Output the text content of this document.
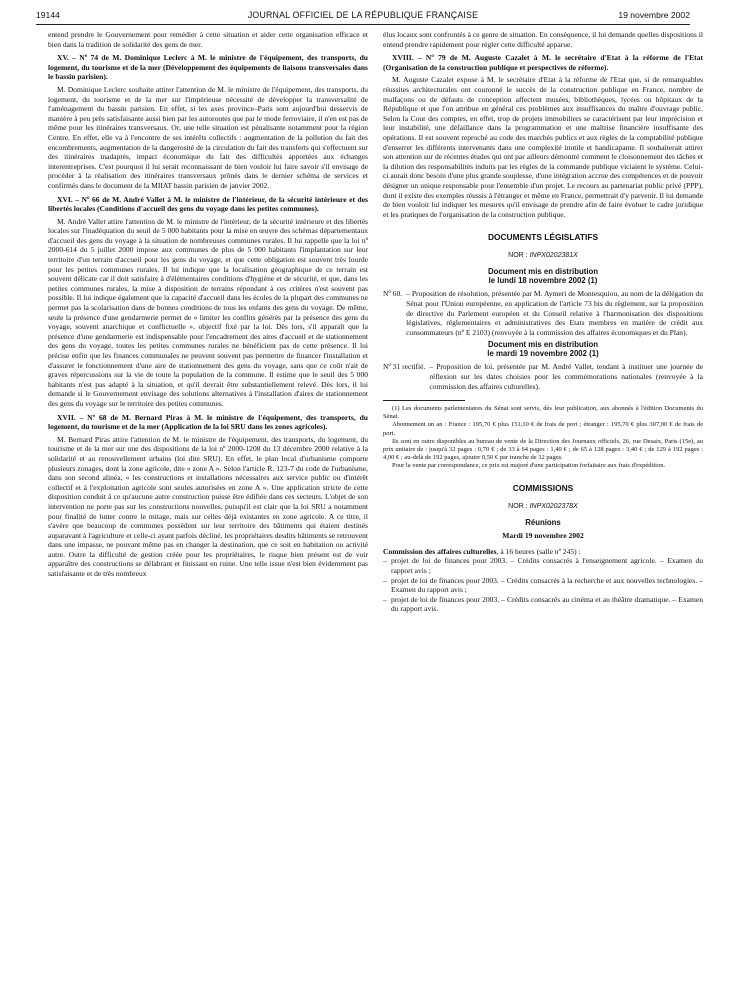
19144	JOURNAL OFFICIEL DE LA RÉPUBLIQUE FRANÇAISE	19 novembre 2002

entend prendre le Gouvernement pour remédier à cette situation et aider cette organisation efficace et bien dans la tradition de solidarité des gens de mer.

XV. – Nº 74 de M. Dominique Leclerc à M. le ministre de l'équipement, des transports, du logement, du tourisme et de la mer (Développement des équipements de liaisons transversales dans le bassin parisien).

M. Dominique Leclerc souhaite attirer l'attention de M. le ministre de l'équipement, des transports, du logement, du tourisme et de la mer sur l'impérieuse nécessité de développer la transversalité de l'aménagement du bassin parisien. En effet, si les axes province–Paris sont aujourd'hui desservis de manière à peu près satisfaisante aussi bien par les autoroutes que par le mode ferroviaire, il n'en est pas de même pour les itinéraires transversaux. Or, une telle situation est pénalisante notamment pour la région Centre. En effet, elle va à l'encontre de ses intérêts collectifs : augmentation de la pollution du fait des encombrements, augmentation de la dangerosité de la circulation du fait des transferts qui s'effectuent sur des itinéraires inadaptés, impact économique du fait des difficultés apportées aux échanges interentreprises. C'est pourquoi il lui serait reconnaissant de bien vouloir lui faire savoir s'il envisage de procéder à la réalisation des itinéraires transversaux prônés dans le dernier schéma de services et confirmés dans le document de la MIIAT bassin parisien de janvier 2002.

XVI. – Nº 66 de M. André Vallet à M. le ministre de l'intérieur, de la sécurité intérieure et des libertés locales (Conditions d'accueil des gens du voyage dans les petites communes).

M. André Vallet attire l'attention de M. le ministre de l'intérieur, de la sécurité intérieure et des libertés locales sur l'inadéquation du seuil de 5 000 habitants pour la mise en œuvre des schémas départementaux d'accueil des gens du voyage à la situation de nombreuses communes rurales. Il lui rappelle que la loi nº 2000-614 du 5 juillet 2000 impose aux communes de plus de 5 000 habitants l'implantation sur leur territoire d'un terrain d'accueil pour les gens du voyage, et que cette obligation est souvent très lourde pour les petites communes rurales. Il lui indique que la localisation géographique de ce terrain est souvent délicate car il doit satisfaire à d'élémentaires conditions d'hygiène et de sécurité, et que, dans les petites communes rurales, la mise à disposition de terrains répondant à ces critères n'est souvent pas possible. Il lui indique également que la capacité d'accueil dans les écoles de la plupart des communes ne permet pas la scolarisation dans de bonnes conditions de tous les enfants des gens du voyage. De même, seule la présence d'une gendarmerie permet de « limiter les conflits générés par la présence des gens du voyage, souvent anarchique et conflictuelle », objectif fixé par la loi. Dès lors, s'il apparaît que la présence d'une gendarmerie est indispensable pour l'encadrement des aires d'accueil et de stationnement des gens du voyage, toutes les petites communes rurales ne bénéficient pas de cette présence. Il lui précise enfin que les finances communales ne peuvent souvent pas permettre de financer l'installation et d'assurer le fonctionnement d'une aire de stationnement des gens du voyage, sans que ce coût n'ait de graves répercussions sur la vie de toute la population de la commune. Il estime que le seuil des 5 000 habitants n'est pas adapté à la situation, et qu'il devrait être substantiellement relevé. Dès lors, il lui demande si le Gouvernement envisage des solutions alternatives à l'installation d'aires de stationnement des gens du voyage sur le territoire des petites communes.

XVII. – Nº 68 de M. Bernard Piras à M. le ministre de l'équipement, des transports, du logement, du tourisme et de la mer (Application de la loi SRU dans les zones agricoles).

M. Bernard Piras attire l'attention de M. le ministre de l'équipement, des transports, du logement, du tourisme et de la mer sur une des dispositions de la loi nº 2000-1208 du 13 décembre 2000 relative à la solidarité et au renouvellement urbains (loi dite SRU). En effet, le plan local d'urbanisme comporte plusieurs zonages, dont la zone agricole, dite « zone A ». Selon l'article R. 123-7 du code de l'urbanisme, dans son second alinéa, « les constructions et installations nécessaires aux service public ou d'intérêt collectif et à l'exploitation agricole sont seules autorisées en zone A ». Une application stricte de cette disposition conduit à ce qu'aucune autre construction puisse être édifiée dans ces secteurs. L'objet de son intervention ne porte pas sur les constructions nouvelles, puisqu'il est clair que la loi SRU a notamment pour finalité de lutter contre le mitage, mais sur celles déjà existantes en zone agricole. A ce titre, il s'avère que beaucoup de communes possèdent sur leur territoire des bâtiments qui étaient destinés auparavant à l'agriculture et celle-ci ayant parfois décliné, les propriétaires desdits bâtiments se retrouvent dans une impasse, ne pouvant même pas en changer la destination, que ce soit en habitation ou activité autre. Outre la difficulté de gestion créée pour les propriétaires, le risque bien présent est de voir apparaître des constructions se délabrant et finissant en ruine. Une telle issue n'est bien évidemment pas satisfaisante et de très nombreux

élus locaux sont confrontés à ce genre de situation. En conséquence, il lui demande quelles dispositions il entend prendre rapidement pour régler cette difficulté apparue.

XVIII. – Nº 79 de M. Auguste Cazalet à M. le secrétaire d'Etat à la réforme de l'Etat (Organisation de la construction publique et perspectives de réforme).

M. Auguste Cazalet expose à M. le secrétaire d'Etat à la réforme de l'Etat que, si de remarquables réussites architecturales ont couronné le succès de la construction publique en France, nombre de malfaçons ou de défauts de conception affectent musées, bibliothèques, lycées ou hôpitaux de la République et que l'on attribue en général ces problèmes aux insuffisances du maître d'ouvrage public. Selon la Cour des comptes, en effet, trop de projets immobiliers se caractérisent par leur imprécision et leur instabilité, une défaillance dans la programmation et une maîtrise financière insuffisante des opérations. Il est souvent reproché au code des marchés publics et aux règles de la comptabilité publique d'enserrer les différents intervenants dans une complexité inutile et handicapante. Il souhaiterait attirer son attention sur de récentes études qui ont par ailleurs démontré comment le cloisonnement des tâches et la dilution des responsabilités induits par les règles de la commande publique viciaient le système. Celui-ci aurait donc besoin d'une plus grande souplesse, d'une intégration accrue des compétences et de pouvoir désigner un unique responsable pour l'ensemble d'un projet. Le recours au partenariat public privé (PPP), dont il existe des exemples réussis à l'étranger et même en France, permettrait d'y parvenir. Il lui demande de bien vouloir lui indiquer les mesures qu'il envisage de prendre afin de faire évoluer le cadre juridique et les pratiques de l'organisation de la construction publique.

DOCUMENTS LÉGISLATIFS

NOR : INPX0202381X

Document mis en distribution
le lundi 18 novembre 2002 (1)

Nº 60. – Proposition de résolution, présentée par M. Aymeri de Montesquiou, au nom de la délégation du Sénat pour l'Union européenne, en application de l'article 73 bis du règlement, sur la proposition de directive du Parlement européen et du Conseil relative à l'harmonisation des dispositions législatives, réglementaires et administratives des Etats membres en matière de crédit aux consommateurs (nº E 2103) (renvoyée à la commission des affaires économiques et du Plan).

Document mis en distribution
le mardi 19 novembre 2002 (1)

Nº 31 rectifié. – Proposition de loi, présentée par M. André Vallet, tendant à instituer une journée de réflexion sur les dates choisies pour les commémorations nationales (renvoyée à la commission des affaires culturelles).

(1) Les documents parlementaires du Sénat sont servis, dès leur publication, aux abonnés à l'édition Documents du Sénat.

Abonnement un an : France : 195,70 € plus 151,10 € de frais de port ; étranger : 195,70 € plus 307,00 € de frais de port.

Ils sont en outre disponibles au bureau de vente de la Direction des Journaux officiels, 26, rue Desaix, Paris (15e), au prix unitaire de : jusqu'à 32 pages : 0,70 € ; de 33 à 64 pages : 1,40 € ; de 65 à 128 pages : 3,40 € ; de 129 à 192 pages : 4,00 € ; au-delà de 192 pages, ajouter 0,50 € par tranche de 32 pages.

Pour la vente par correspondance, ce prix est majoré d'une participation forfaitaire aux frais d'expédition.

COMMISSIONS

NOR : INPX0202378X

Réunions

Mardi 19 novembre 2002

Commission des affaires culturelles, à 16 heures (salle nº 245) :

– projet de loi de finances pour 2003. – Crédits consacrés à l'enseignement agricole. – Examen du rapport avis ;

– projet de loi de finances pour 2003. – Crédits consacrés à la recherche et aux nouvelles technologies. – Examen du rapport avis ;

– projet de loi de finances pour 2003. – Crédits consacrés au cinéma et au théâtre dramatique. – Examen du rapport avis.
